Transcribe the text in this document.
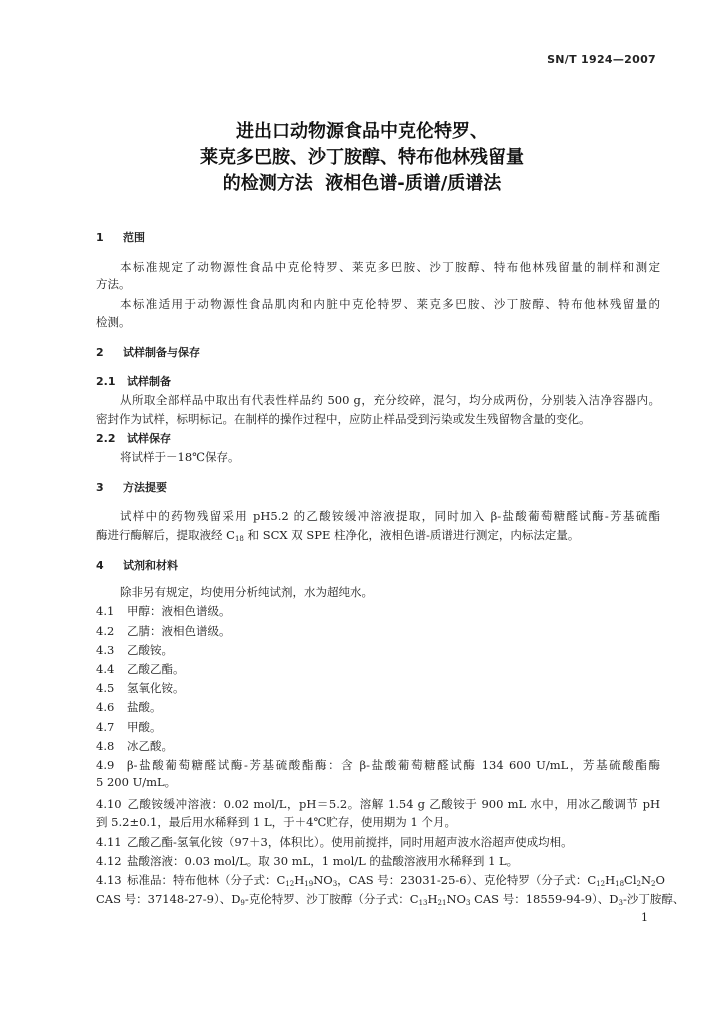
SN/T 1924—2007

进出口动物源食品中克伦特罗、
莱克多巴胺、沙丁胺醇、特布他林残留量
的检测方法  液相色谱-质谱/质谱法

1 范围

本标准规定了动物源性食品中克伦特罗、莱克多巴胺、沙丁胺醇、特布他林残留量的制样和测定

方法。

本标准适用于动物源性食品肌肉和内脏中克伦特罗、莱克多巴胺、沙丁胺醇、特布他林残留量的

检测。

2 试样制备与保存

2.1 试样制备

从所取全部样品中取出有代表性样品约 500 g，充分绞碎，混匀，均分成两份，分别装入洁净容器内。

密封作为试样，标明标记。在制样的操作过程中，应防止样品受到污染或发生残留物含量的变化。

2.2 试样保存

将试样于－18℃保存。

3 方法提要

试样中的药物残留采用 pH5.2 的乙酸铵缓冲溶液提取，同时加入 β-盐酸葡萄糖醛试酶-芳基硫酯

酶进行酶解后，提取液经 $C_{18}$ 和 SCX 双 SPE 柱净化，液相色谱-质谱进行测定，内标法定量。

4 试剂和材料

除非另有规定，均使用分析纯试剂，水为超纯水。

4.1 甲醇：液相色谱级。

4.2 乙腈：液相色谱级。

4.3 乙酸铵。

4.4 乙酸乙酯。

4.5 氢氧化铵。

4.6 盐酸。

4.7 甲酸。

4.8 冰乙酸。

4.9 β-盐酸葡萄糖醛试酶-芳基硫酸酯酶：含 β-盐酸葡萄糖醛试酶 134 600 U/mL，芳基硫酸酯酶

5 200 U/mL。

4.10 乙酸铵缓冲溶液：0.02 mol/L，pH＝5.2。溶解 1.54 g 乙酸铵于 900 mL 水中，用冰乙酸调节 pH

到 5.2±0.1，最后用水稀释到 1 L，于＋4℃贮存，使用期为 1 个月。

4.11 乙酸乙酯-氢氧化铵（97＋3，体积比）。使用前搅拌，同时用超声波水浴超声使成均相。

4.12 盐酸溶液：0.03 mol/L。取 30 mL，1 mol/L 的盐酸溶液用水稀释到 1 L。

4.13 标准品：特布他林（分子式：$C_{12}H_{19}NO_3$，CAS 号：23031-25-6）、克伦特罗（分子式：$C_{12}H_{18}Cl_2N_2O$

CAS 号：37148-27-9）、$D_9-$克伦特罗、沙丁胺醇（分子式：$C_{13}H_{21}NO_3$ CAS 号：18559-94-9）、$D_3-$沙丁胺醇、

1
